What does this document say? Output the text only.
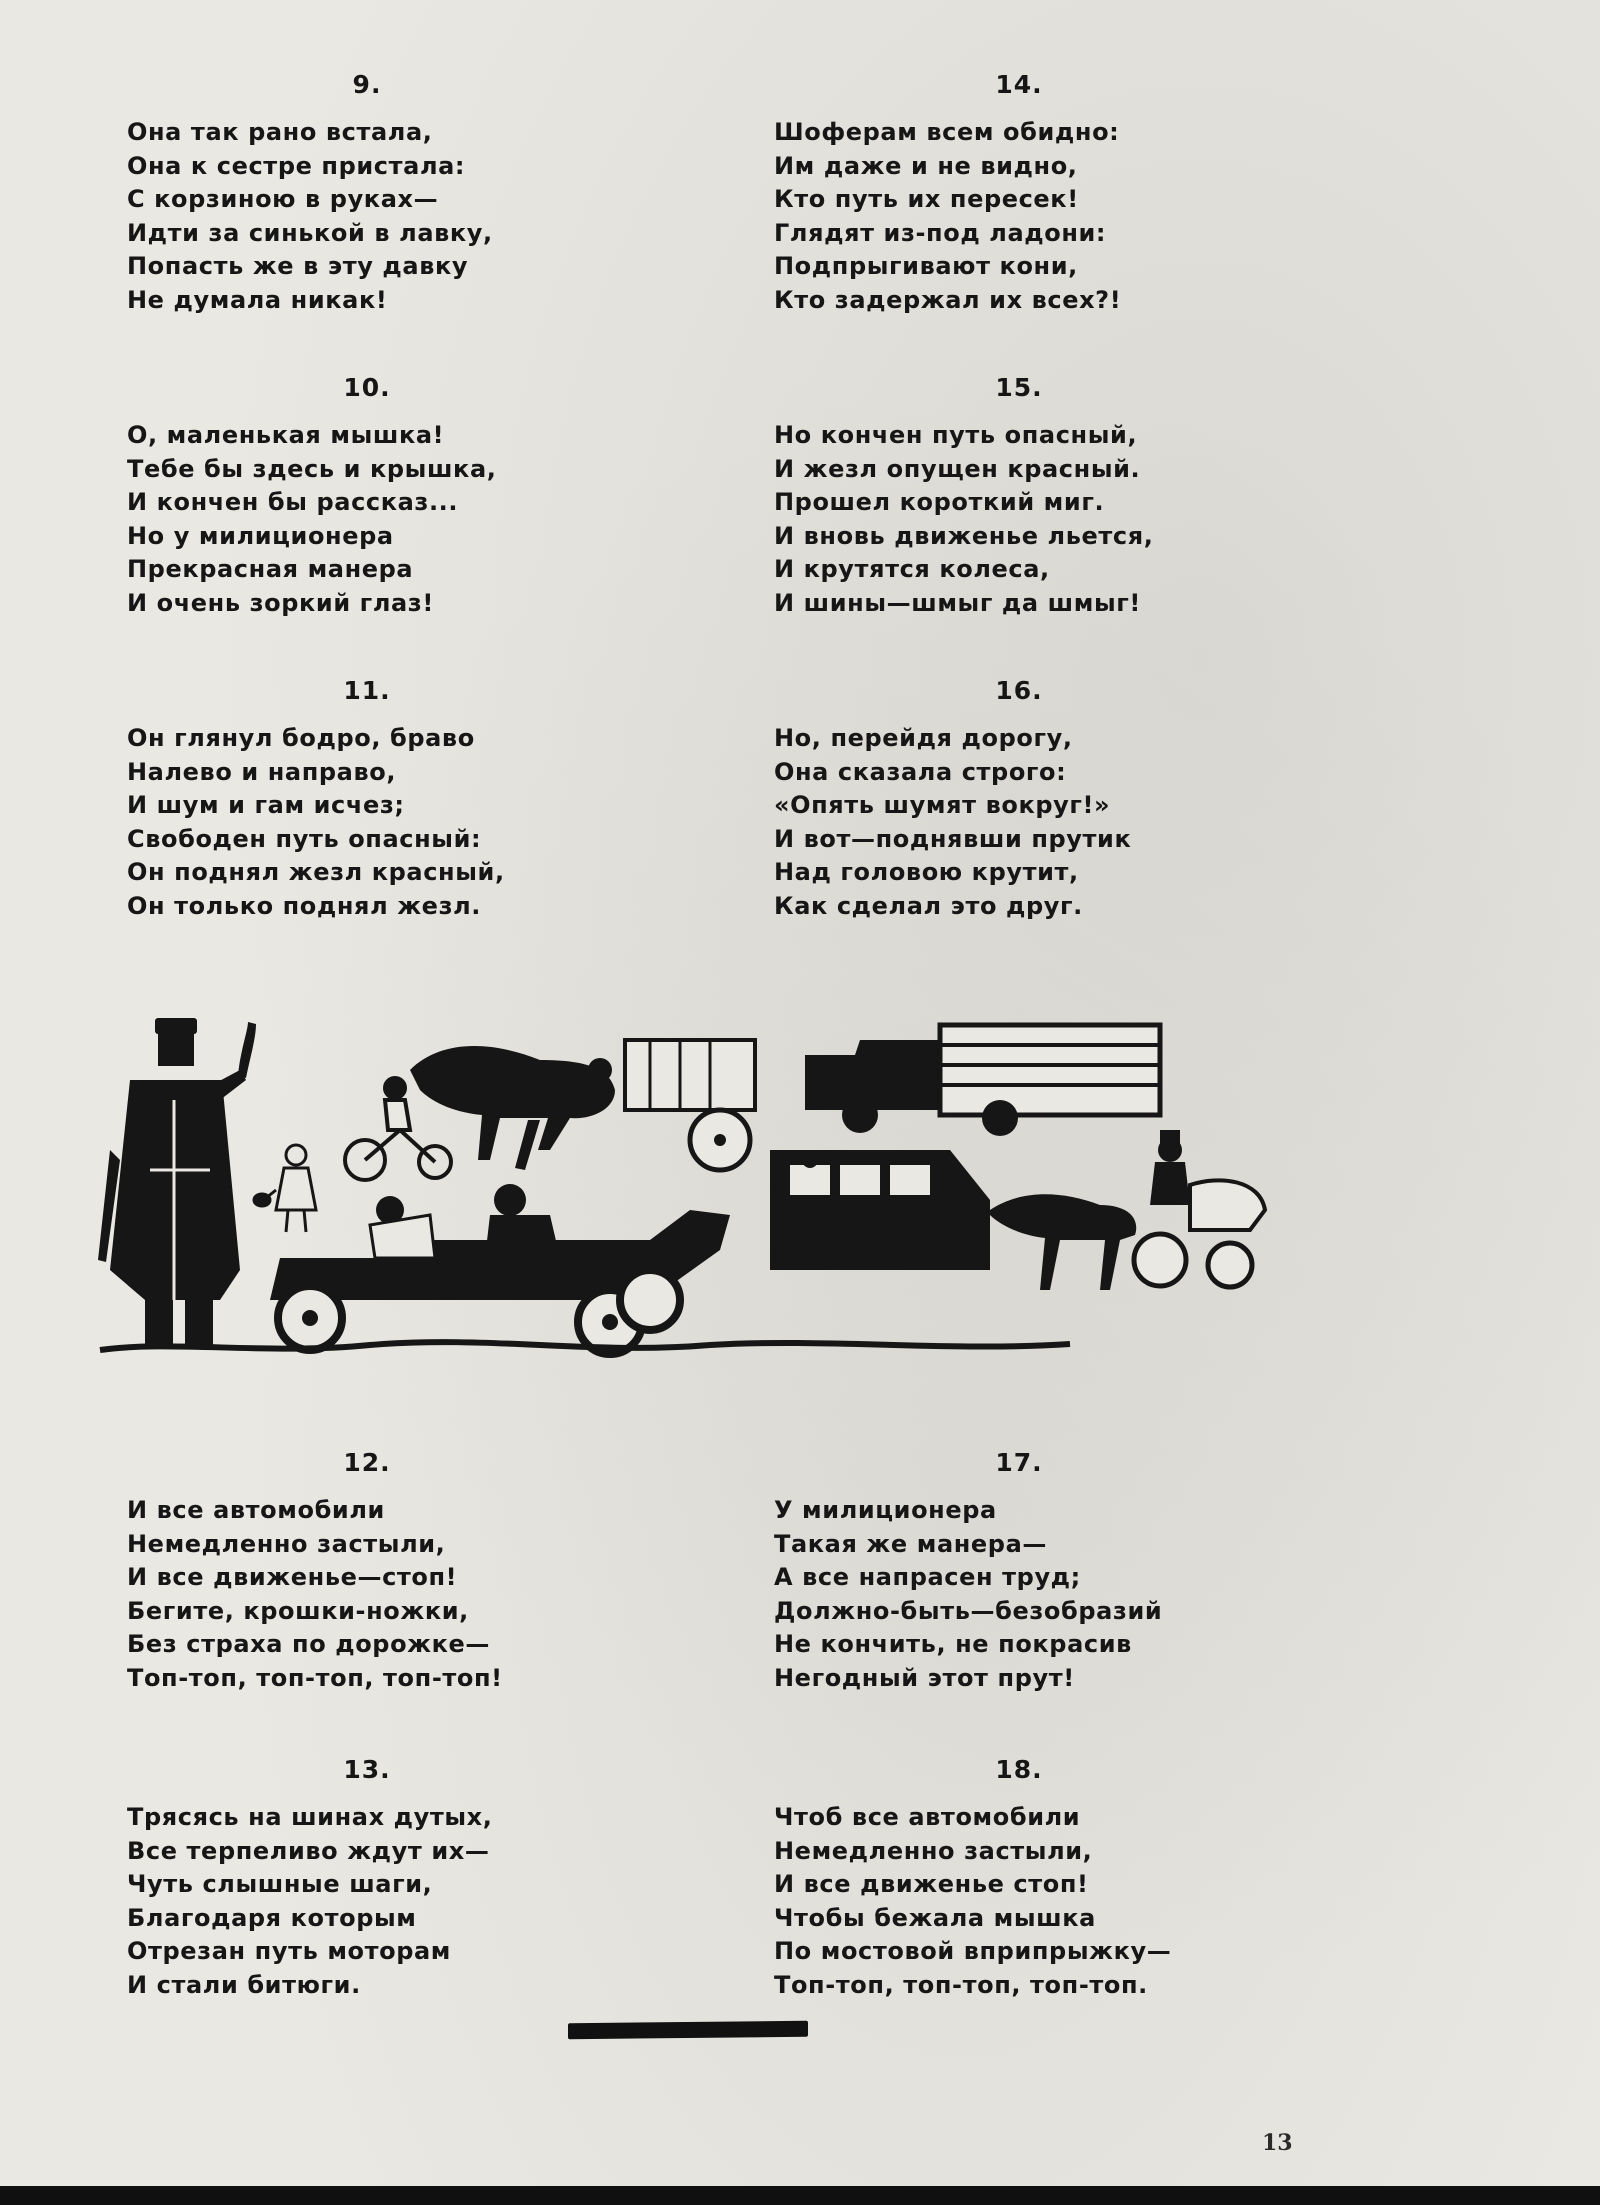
9.
Она так рано встала,
Она к сестре пристала:
С корзиною в руках—
Идти за синькой в лавку,
Попасть же в эту давку
Не думала никак!
10.
О, маленькая мышка!
Тебе бы здесь и крышка,
И кончен бы рассказ...
Но у милиционера
Прекрасная манера
И очень зоркий глаз!
11.
Он глянул бодро, браво
Налево и направо,
И шум и гам исчез;
Свободен путь опасный:
Он поднял жезл красный,
Он только поднял жезл.
14.
Шоферам всем обидно:
Им даже и не видно,
Кто путь их пересек!
Глядят из-под ладони:
Подпрыгивают кони,
Кто задержал их всех?!
15.
Но кончен путь опасный,
И жезл опущен красный.
Прошел короткий миг.
И вновь движенье льется,
И крутятся колеса,
И шины—шмыг да шмыг!
16.
Но, перейдя дорогу,
Она сказала строго:
«Опять шумят вокруг!»
И вот—поднявши прутик
Над головою крутит,
Как сделал это друг.
12.
И все автомобили
Немедленно застыли,
И все движенье—стоп!
Бегите, крошки-ножки,
Без страха по дорожке—
Топ-топ, топ-топ, топ-топ!
13.
Трясясь на шинах дутых,
Все терпеливо ждут их—
Чуть слышные шаги,
Благодаря которым
Отрезан путь моторам
И стали битюги.
17.
У милиционера
Такая же манера—
А все напрасен труд;
Должно-быть—безобразий
Не кончить, не покрасив
Негодный этот прут!
18.
Чтоб все автомобили
Немедленно застыли,
И все движенье стоп!
Чтобы бежала мышка
По мостовой вприпрыжку—
Топ-топ, топ-топ, топ-топ.
13
